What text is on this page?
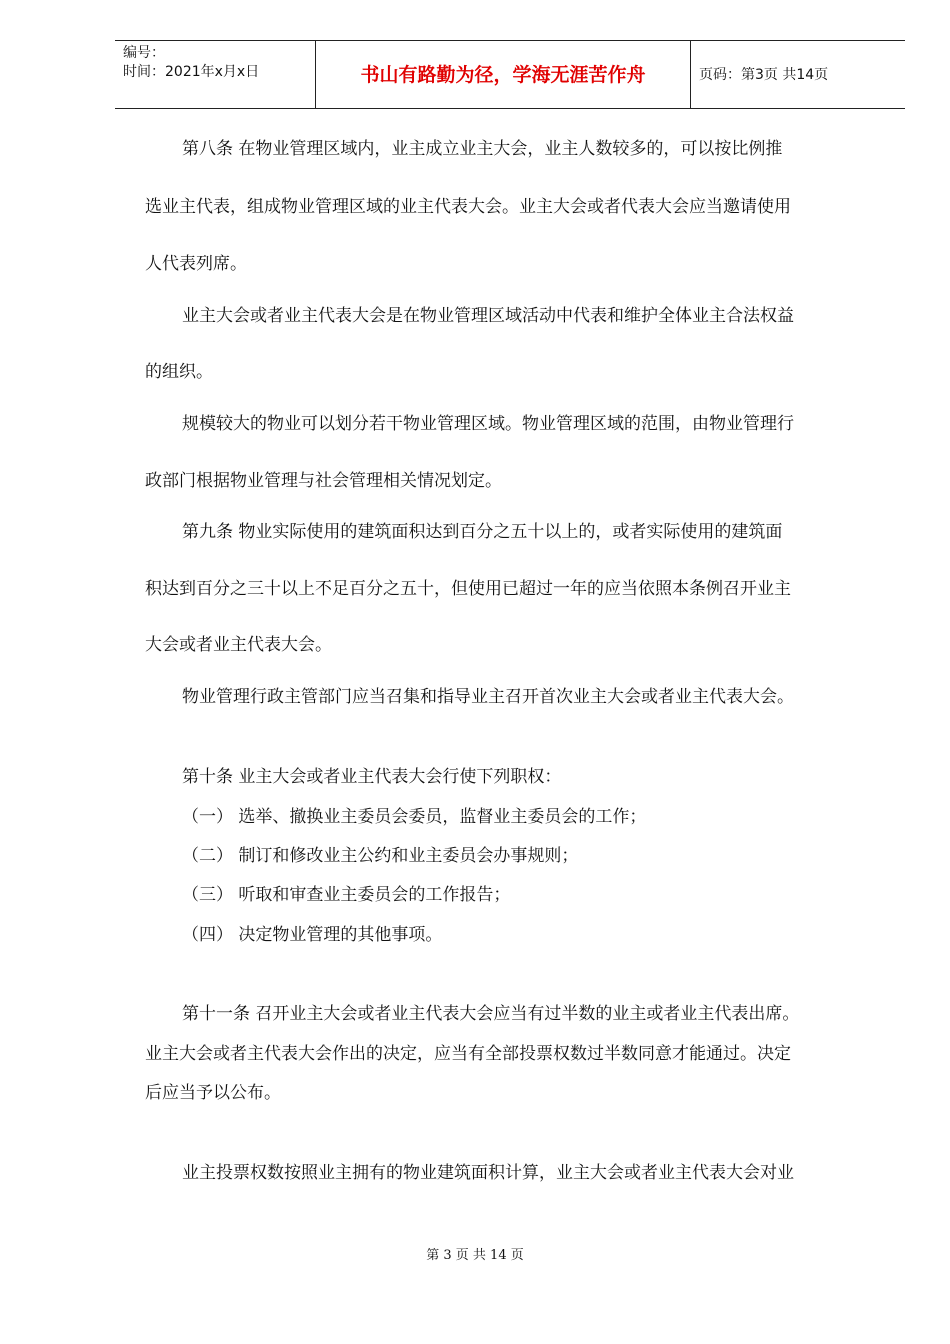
编号：
时间：2021年x月x日	书山有路勤为径，学海无涯苦作舟	页码：第3页 共14页
第八条 在物业管理区域内，业主成立业主大会，业主人数较多的，可以按比例推
选业主代表，组成物业管理区域的业主代表大会。业主大会或者代表大会应当邀请使用
人代表列席。
业主大会或者业主代表大会是在物业管理区域活动中代表和维护全体业主合法权益
的组织。
规模较大的物业可以划分若干物业管理区域。物业管理区域的范围，由物业管理行
政部门根据物业管理与社会管理相关情况划定。
第九条 物业实际使用的建筑面积达到百分之五十以上的，或者实际使用的建筑面
积达到百分之三十以上不足百分之五十，但使用已超过一年的应当依照本条例召开业主
大会或者业主代表大会。
物业管理行政主管部门应当召集和指导业主召开首次业主大会或者业主代表大会。
第十条 业主大会或者业主代表大会行使下列职权：
（一） 选举、撤换业主委员会委员，监督业主委员会的工作；
（二） 制订和修改业主公约和业主委员会办事规则；
（三） 听取和审查业主委员会的工作报告；
（四） 决定物业管理的其他事项。
第十一条 召开业主大会或者业主代表大会应当有过半数的业主或者业主代表出席。
业主大会或者主代表大会作出的决定，应当有全部投票权数过半数同意才能通过。决定
后应当予以公布。
业主投票权数按照业主拥有的物业建筑面积计算，业主大会或者业主代表大会对业
第 3 页 共 14 页
